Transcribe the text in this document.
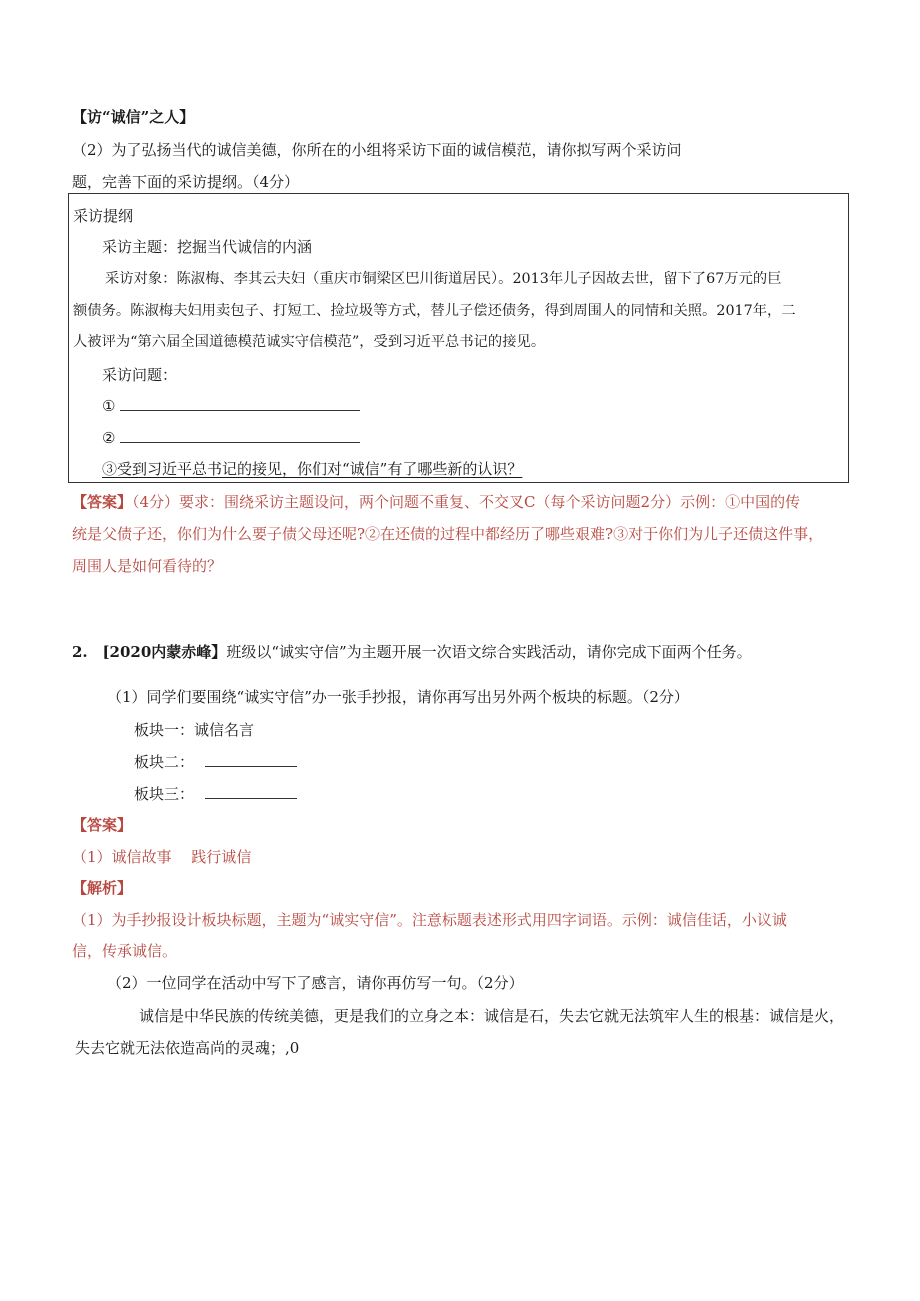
【访“诚信”之人】
（2）为了弘扬当代的诚信美德，你所在的小组将采访下面的诚信模范，请你拟写两个采访问
题，完善下面的采访提纲。（4分）
采访提纲
采访主题：挖掘当代诚信的内涵
采访对象：陈淑梅、李其云夫妇（重庆市铜梁区巴川街道居民）。2013年儿子因故去世，留下了67万元的巨
额债务。陈淑梅夫妇用卖包子、打短工、捡垃圾等方式，替儿子偿还债务，得到周围人的同情和关照。2017年，二
人被评为“第六届全国道德模范诚实守信模范”，受到习近平总书记的接见。
采访问题：
①
②
③受到习近平总书记的接见，你们对“诚信”有了哪些新的认识？
【答案】（4分）要求：围绕采访主题设问，两个问题不重复、不交叉C（每个采访问题2分）示例：①中国的传
统是父债子还，你们为什么要子债父母还呢?②在还债的过程中都经历了哪些艰难?③对于你们为儿子还债这件事，
周围人是如何看待的？
2. [2020内蒙赤峰】班级以“诚实守信”为主题开展一次语文综合实践活动，请你完成下面两个任务。
（1）同学们要围绕“诚实守信”办一张手抄报，请你再写出另外两个板块的标题。（2分）
板块一：诚信名言
板块二：
板块三：
【答案】
（1）诚信故事　 践行诚信
【解析】
（1）为手抄报设计板块标题，主题为“诚实守信”。注意标题表述形式用四字词语。示例：诚信佳话，小议诚
信，传承诚信。
（2）一位同学在活动中写下了感言，请你再仿写一句。（2分）
诚信是中华民族的传统美德，更是我们的立身之本：诚信是石，失去它就无法筑牢人生的根基：诚信是火，
失去它就无法依造高尚的灵魂；,0
